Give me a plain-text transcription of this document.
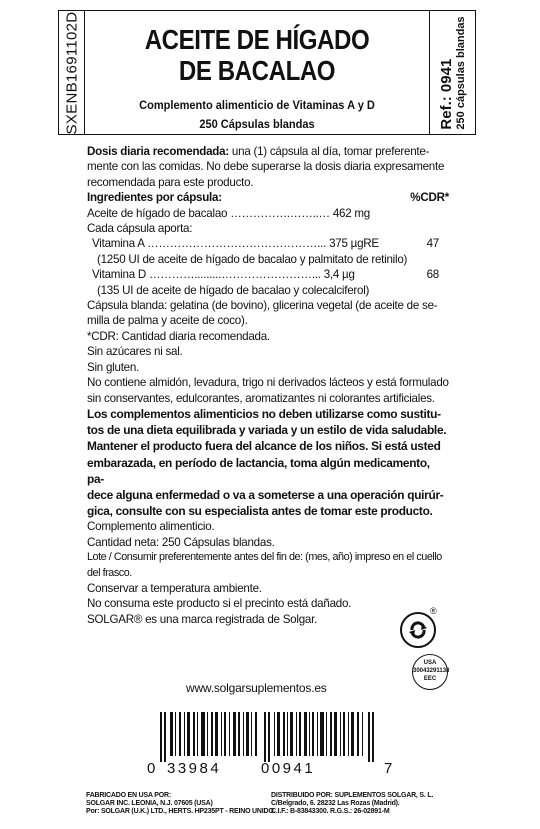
SXENB1691102D	ACEITE DE HÍGADO
DE BACALAO
Complemento alimenticio de Vitaminas A y D
250 Cápsulas blandas	Ref.: 0941 250 cápsulas blandas

Dosis diaria recomendada: una (1) cápsula al día, tomar preferente-

mente con las comidas. No debe superarse la dosis diaria expresamente

recomendada para este producto.

Ingredientes por cápsula:	%CDR*

Aceite de hígado de bacalao …………….……..… 462 mg

Cada cápsula aporta:

Vitamina A ………………………………………... 375 µgRE	47

(1250 UI de aceite de hígado de bacalao y palmitato de retinilo)

Vitamina D ………….........……………………... 3,4 µg	68

(135 UI de aceite de hígado de bacalao y colecalciferol)

Cápsula blanda: gelatina (de bovino), glicerina vegetal (de aceite de se-

milla de palma y aceite de coco).

*CDR: Cantidad diaria recomendada.

Sin azúcares ni sal.

Sin gluten.

No contiene almidón, levadura, trigo ni derivados lácteos y está formulado

sin conservantes, edulcorantes, aromatizantes ni colorantes artificiales.

Los complementos alimenticios no deben utilizarse como sustitu-

tos de una dieta equilibrada y variada y un estilo de vida saludable.

Mantener el producto fuera del alcance de los niños. Si está usted

embarazada, en período de lactancia, toma algún medicamento, pa-

dece alguna enfermedad o va a someterse a una operación quirúr-

gica, consulte con su especialista antes de tomar este producto.

Complemento alimenticio.

Cantidad neta: 250 Cápsulas blandas.

Lote / Consumir preferentemente antes del fin de: (mes, año) impreso en el cuello

del frasco.

Conservar a temperatura ambiente.

No consuma este producto si el precinto está dañado.

SOLGAR® es una marca registrada de Solgar.

®
USA
30043291138
EEC
www.solgarsuplementos.es
0 33984	00941	7
FABRICADO EN USA POR:
SOLGAR INC. LEONIA, N.J. 07605 (USA)
Por: SOLGAR (U.K.) LTD., HERTS. HP235PT - REINO UNIDO.
DISTRIBUIDO POR: SUPLEMENTOS SOLGAR, S. L.
C/Belgrado, 6. 28232 Las Rozas (Madrid).
C.I.F.: B-83843300. R.G.S.: 26-02891-M
